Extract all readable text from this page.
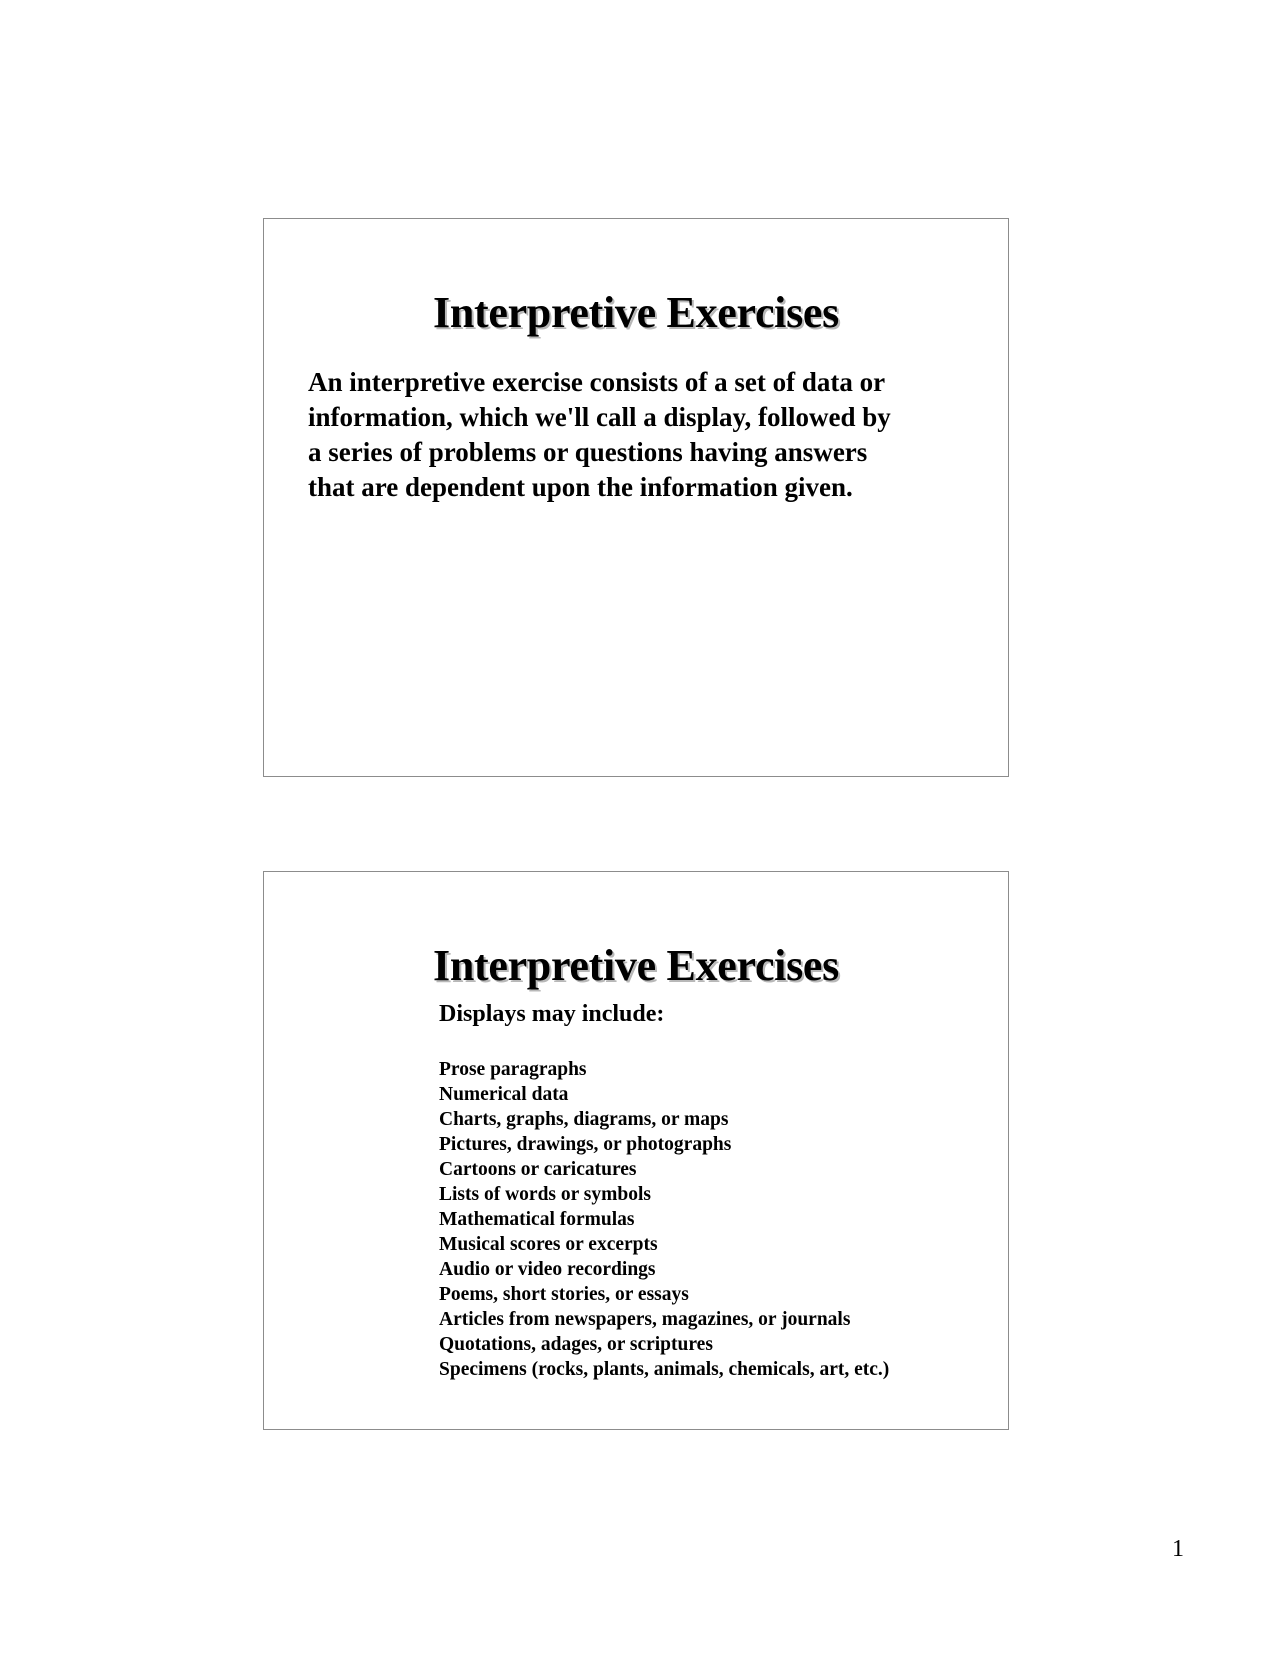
Interpretive Exercises

An interpretive exercise consists of a set of data or information, which we'll call a display, followed by a series of problems or questions having answers that are dependent upon the information given.

Interpretive Exercises

Displays may include:

Prose paragraphs
Numerical data
Charts, graphs, diagrams, or maps
Pictures, drawings, or photographs
Cartoons or caricatures
Lists of words or symbols
Mathematical formulas
Musical scores or excerpts
Audio or video recordings
Poems, short stories, or essays
Articles from newspapers, magazines, or journals
Quotations, adages, or scriptures
Specimens (rocks, plants, animals, chemicals, art, etc.)
1
